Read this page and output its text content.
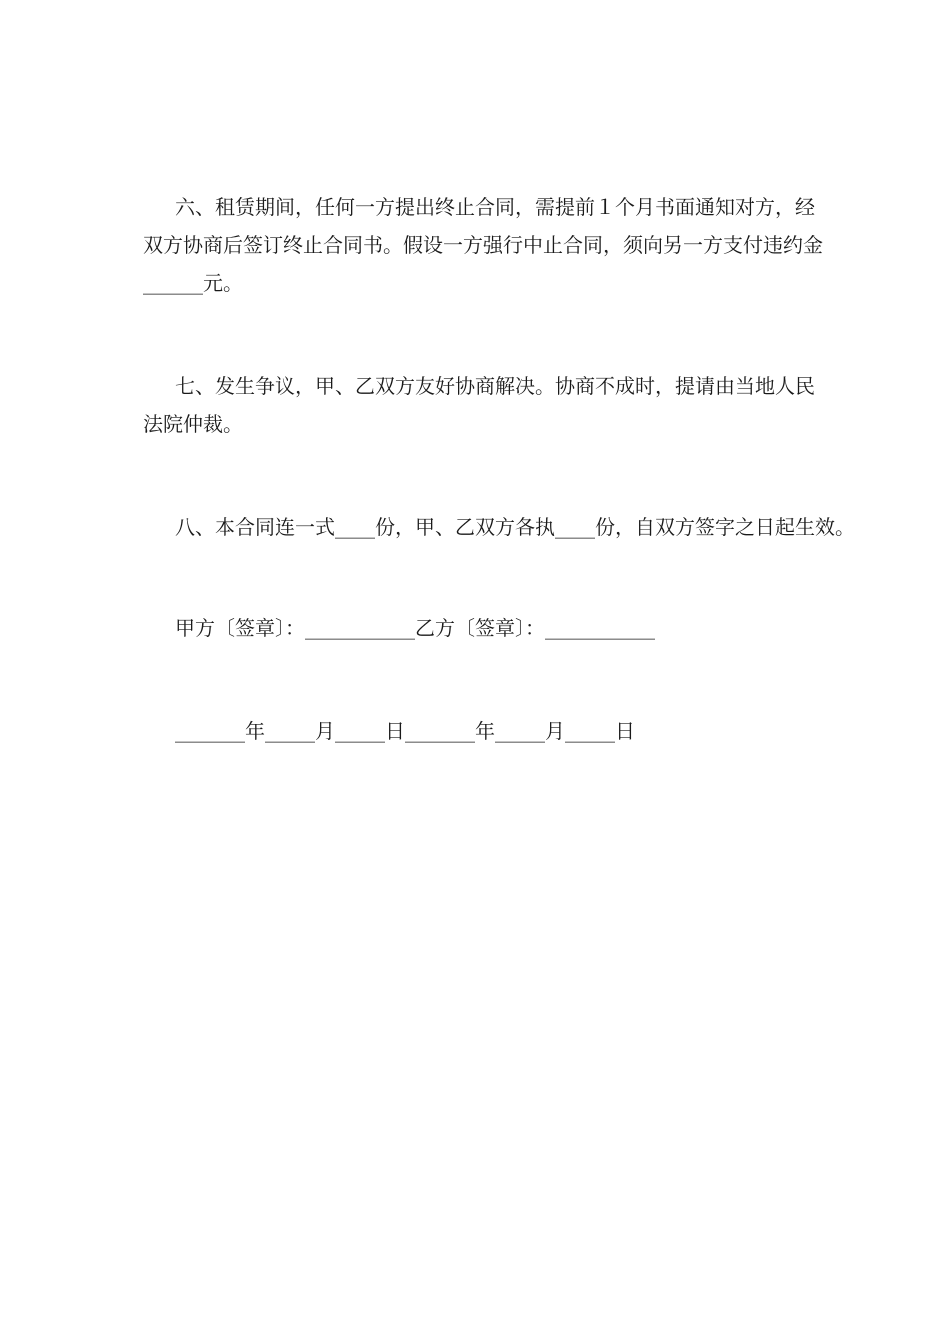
六、租赁期间，任何一方提出终止合同，需提前１个月书面通知对方，经双方协商后签订终止合同书。假设一方强行中止合同，须向另一方支付违约金______元。

七、发生争议，甲、乙双方友好协商解决。协商不成时，提请由当地人民法院仲裁。

八、本合同连一式____份，甲、乙双方各执____份，自双方签字之日起生效。

甲方〔签章〕：___________乙方〔签章〕：___________

_______年_____月_____日_______年_____月_____日
